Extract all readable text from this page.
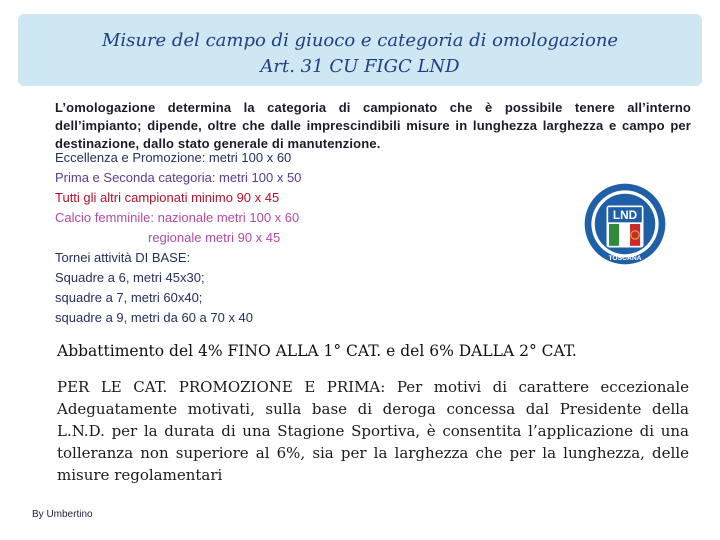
Misure del campo di giuoco e categoria di omologazione
Art. 31 CU FIGC LND
L’omologazione determina la categoria di campionato che è possibile tenere all’interno dell’impianto; dipende, oltre che dalle imprescindibili misure in lunghezza larghezza e campo per destinazione, dallo stato generale di manutenzione.
Eccellenza e Promozione: metri 100 x 60
Prima e Seconda categoria: metri 100 x 50
Tutti gli altri campionati minimo 90 x 45
Calcio femminile: nazionale metri 100 x 60
regionale metri 90 x 45
Tornei attività DI BASE:
Squadre a 6, metri 45x30;
squadre a 7, metri 60x40;
squadre a 9, metri da 60 a 70 x 40
Abbattimento del 4% FINO ALLA 1° CAT. e del 6% DALLA 2° CAT.
PER LE CAT. PROMOZIONE E PRIMA: Per motivi di carattere eccezionale Adeguatamente motivati, sulla base di deroga concessa dal Presidente della L.N.D. per la durata di una Stagione Sportiva, è consentita l’applicazione di una tolleranza non superiore al 6%, sia per la larghezza che per la lunghezza, delle misure regolamentari
By Umbertino
LND
TOSCANA
